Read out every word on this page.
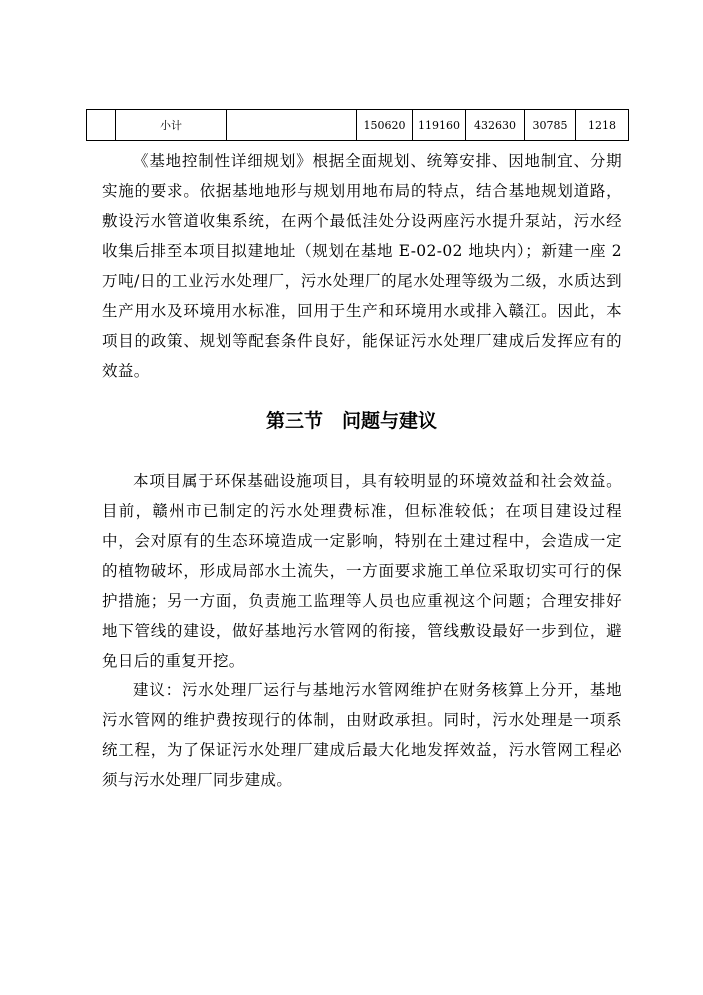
	小计		150620	119160	432630	30785	1218

《基地控制性详细规划》根据全面规划、统筹安排、因地制宜、分期实施的要求。依据基地地形与规划用地布局的特点，结合基地规划道路，敷设污水管道收集系统，在两个最低洼处分设两座污水提升泵站，污水经收集后排至本项目拟建地址（规划在基地 E-02-02 地块内）；新建一座 2 万吨/日的工业污水处理厂，污水处理厂的尾水处理等级为二级，水质达到生产用水及环境用水标准，回用于生产和环境用水或排入赣江。因此，本项目的政策、规划等配套条件良好，能保证污水处理厂建成后发挥应有的效益。

第三节　问题与建议

本项目属于环保基础设施项目，具有较明显的环境效益和社会效益。目前，赣州市已制定的污水处理费标准，但标准较低；在项目建设过程中，会对原有的生态环境造成一定影响，特别在土建过程中，会造成一定的植物破坏，形成局部水土流失，一方面要求施工单位采取切实可行的保护措施；另一方面，负责施工监理等人员也应重视这个问题；合理安排好地下管线的建设，做好基地污水管网的衔接，管线敷设最好一步到位，避免日后的重复开挖。

建议：污水处理厂运行与基地污水管网维护在财务核算上分开，基地污水管网的维护费按现行的体制，由财政承担。同时，污水处理是一项系统工程，为了保证污水处理厂建成后最大化地发挥效益，污水管网工程必须与污水处理厂同步建成。
